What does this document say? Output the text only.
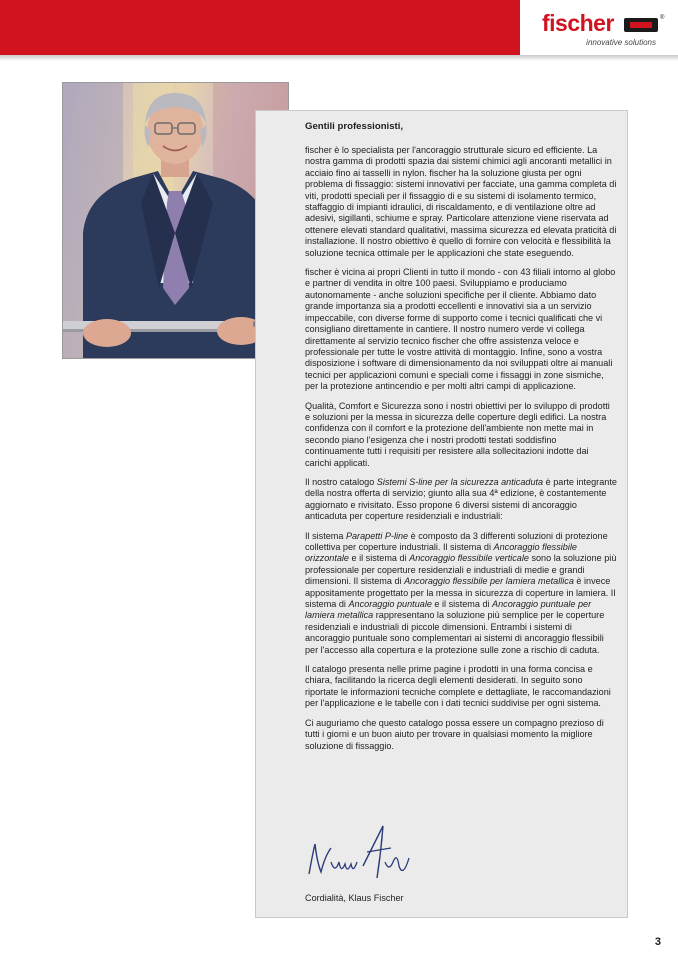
fischer	®
innovative solutions
Gentili professionisti,

fischer è lo specialista per l'ancoraggio strutturale sicuro ed efficiente. La nostra gamma di prodotti spazia dai sistemi chimici agli ancoranti metallici in acciaio fino ai tasselli in nylon. fischer ha la soluzione giusta per ogni problema di fissaggio: sistemi innovativi per facciate, una gamma completa di viti, prodotti speciali per il fissaggio di e su sistemi di isolamento termico, staffaggio di impianti idraulici, di riscaldamento, e di ventilazione oltre ad adesivi, sigillanti, schiume e spray. Particolare attenzione viene riservata ad ottenere elevati standard qualitativi, massima sicurezza ed elevata praticità di installazione. Il nostro obiettivo è quello di fornire con velocità e flessibilità la soluzione tecnica ottimale per le applicazioni che state eseguendo.

fischer è vicina ai propri Clienti in tutto il mondo - con 43 filiali intorno al globo e partner di vendita in oltre 100 paesi. Sviluppiamo e produciamo autonomamente - anche soluzioni specifiche per il cliente. Abbiamo dato grande importanza sia a prodotti eccellenti e innovativi sia a un servizio impeccabile, con diverse forme di supporto come i tecnici qualificati che vi consigliano direttamente in cantiere. Il nostro numero verde vi collega direttamente al servizio tecnico fischer che offre assistenza veloce e professionale per tutte le vostre attività di montaggio. Infine, sono a vostra disposizione i software di dimensionamento da noi sviluppati oltre ai manuali tecnici per applicazioni comuni e speciali come i fissaggi in zone sismiche, per la protezione antincendio e per molti altri campi di applicazione.

Qualità, Comfort e Sicurezza sono i nostri obiettivi per lo sviluppo di prodotti e soluzioni per la messa in sicurezza delle coperture degli edifici. La nostra confidenza con il comfort e la protezione dell'ambiente non mette mai in secondo piano l'esigenza che i nostri prodotti testati soddisfino continuamente tutti i requisiti per resistere alla sollecitazioni indotte dai carichi applicati.

Il nostro catalogo Sistemi S-line per la sicurezza anticaduta è parte integrante della nostra offerta di servizio; giunto alla sua 4ª edizione, è costantemente aggiornato e rivisitato. Esso propone 6 diversi sistemi di ancoraggio anticaduta per coperture residenziali e industriali:

Il sistema Parapetti P-line è composto da 3 differenti soluzioni di protezione collettiva per coperture industriali. Il sistema di Ancoraggio flessibile orizzontale e il sistema di Ancoraggio flessibile verticale sono la soluzione più professionale per coperture residenziali e industriali di medie e grandi dimensioni. Il sistema di Ancoraggio flessibile per lamiera metallica è invece appositamente progettato per la messa in sicurezza di coperture in lamiera. Il sistema di Ancoraggio puntuale e il sistema di Ancoraggio puntuale per lamiera metallica rappresentano la soluzione più semplice per le coperture residenziali e industriali di piccole dimensioni. Entrambi i sistemi di ancoraggio puntuale sono complementari ai sistemi di ancoraggio flessibili per l'accesso alla copertura e la protezione sulle zone a rischio di caduta.

Il catalogo presenta nelle prime pagine i prodotti in una forma concisa e chiara, facilitando la ricerca degli elementi desiderati. In seguito sono riportate le informazioni tecniche complete e dettagliate, le raccomandazioni per l'applicazione e le tabelle con i dati tecnici suddivise per ogni sistema.

Ci auguriamo che questo catalogo possa essere un compagno prezioso di tutti i giorni e un buon aiuto per trovare in qualsiasi momento la migliore soluzione di fissaggio.

Cordialità, Klaus Fischer
3
